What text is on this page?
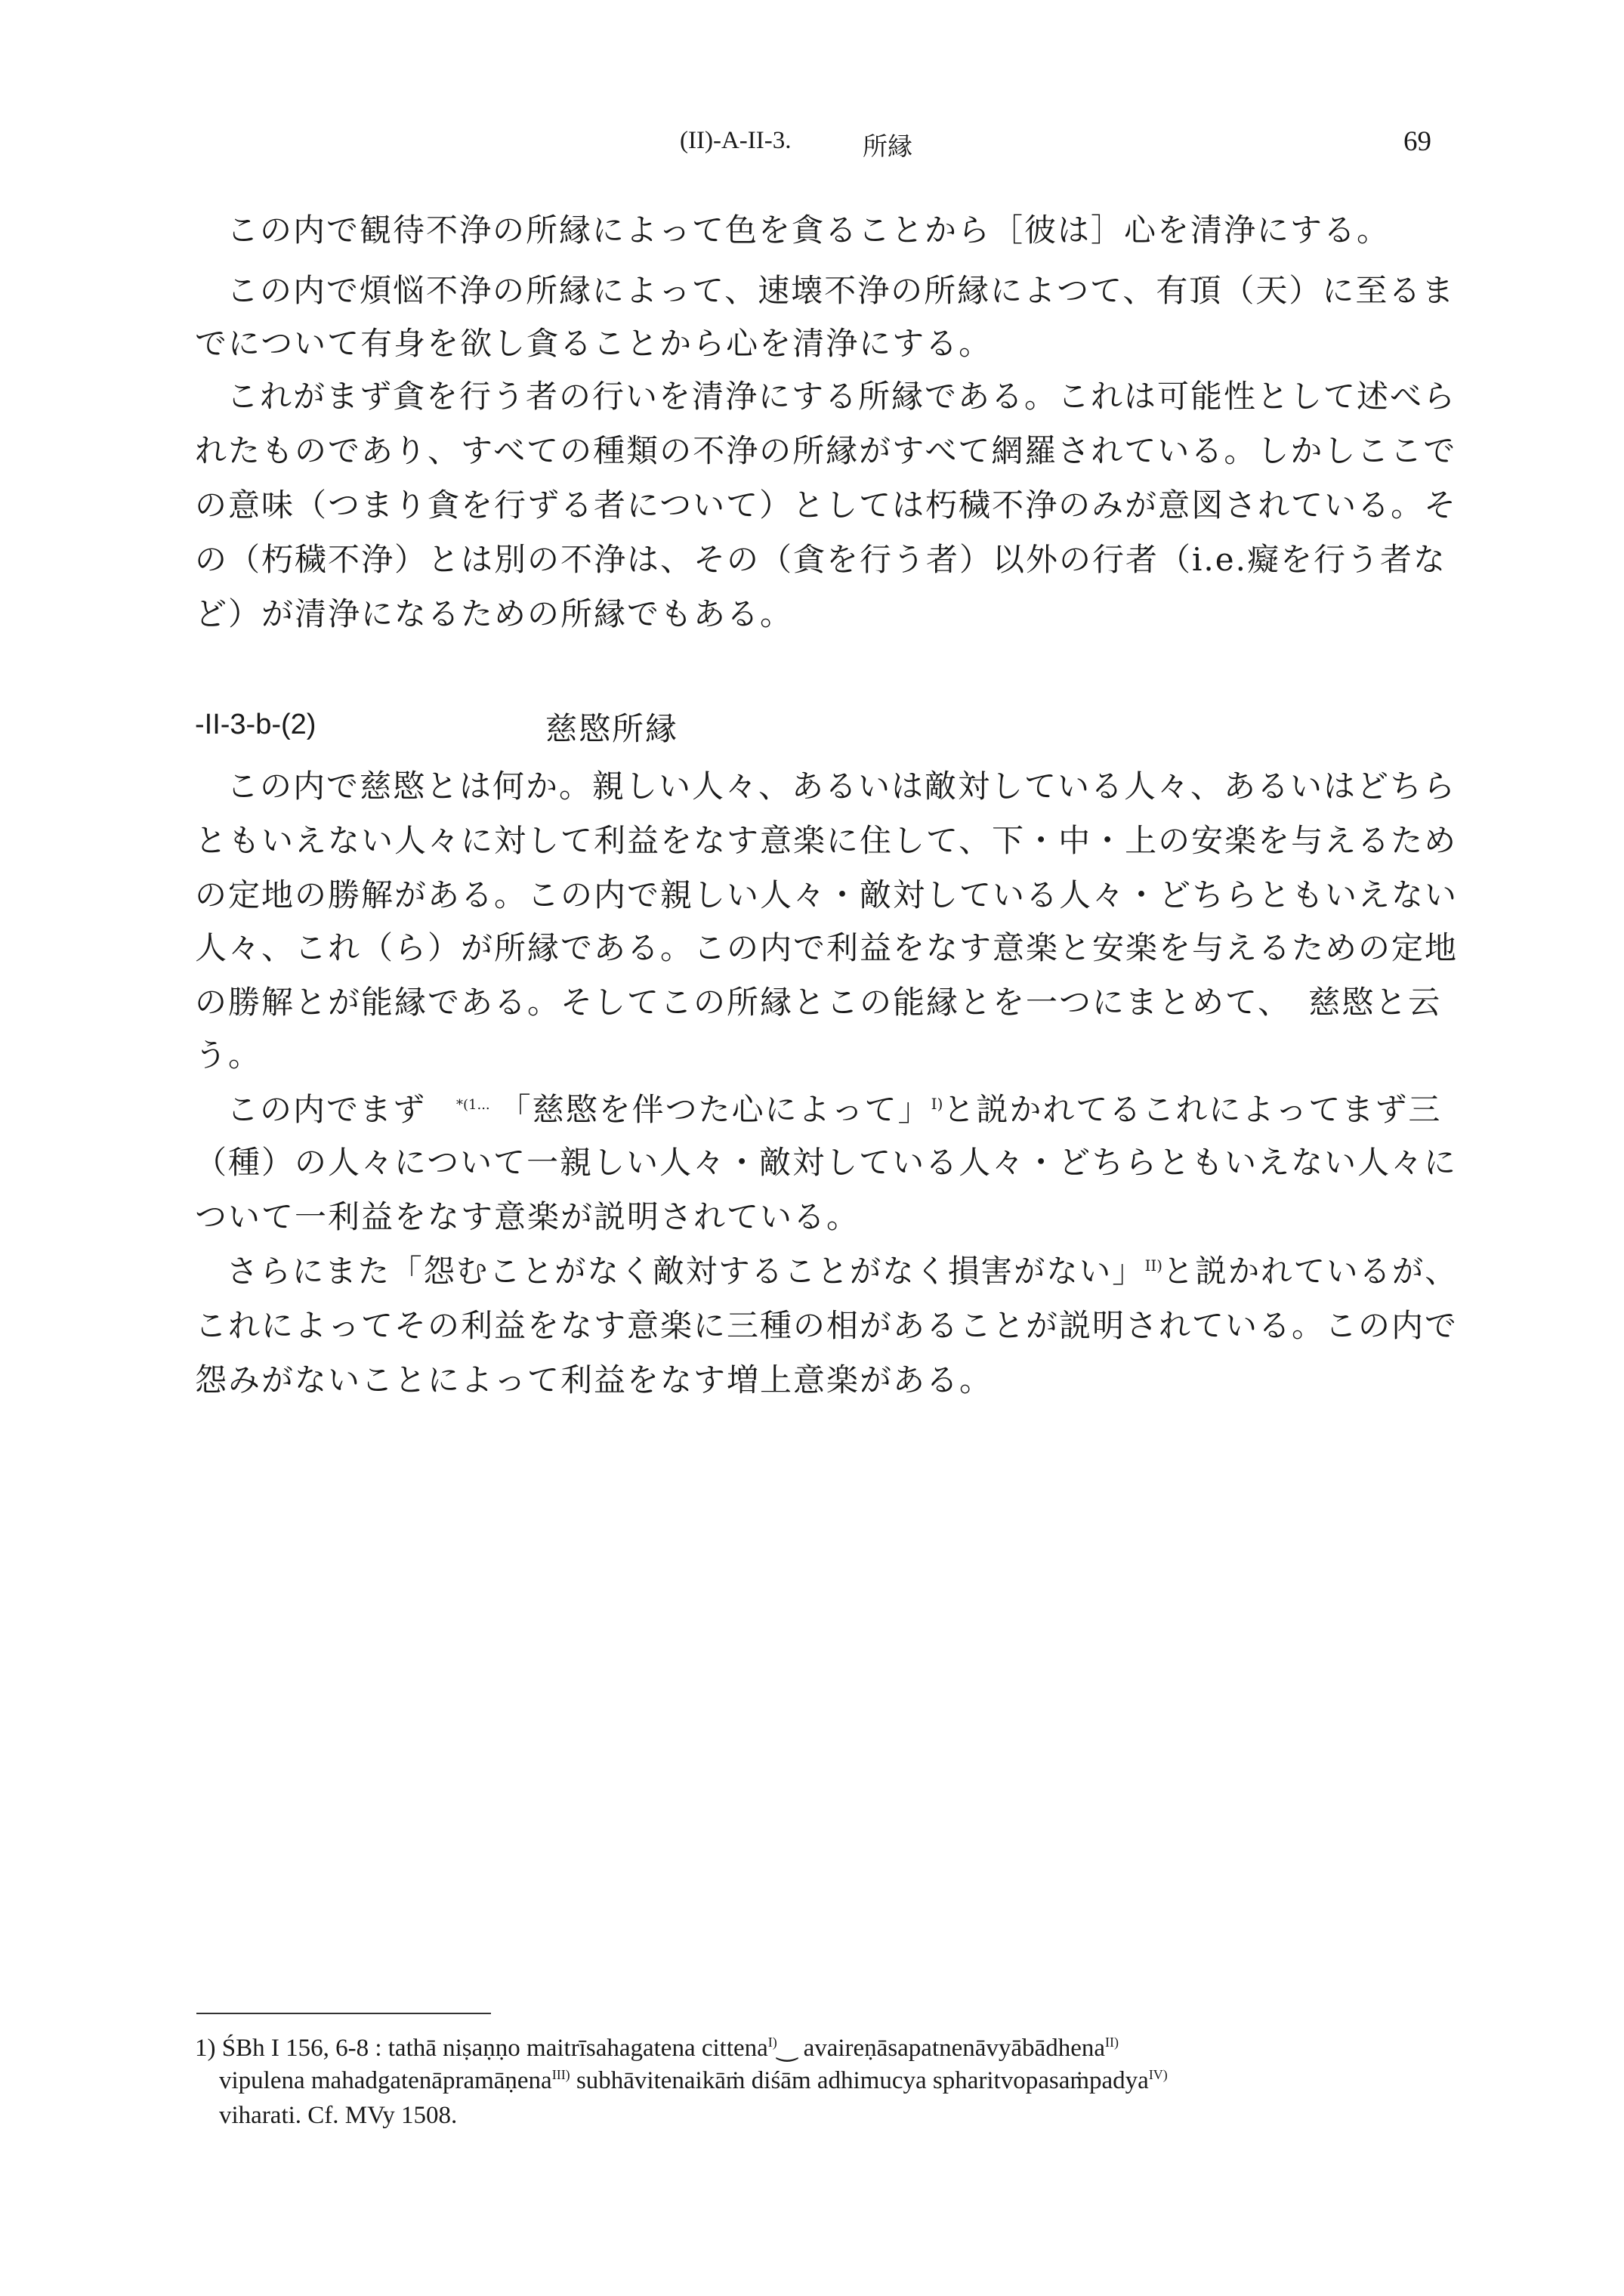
(II)-A-II-3.	所縁	69
この内で観待不浄の所縁によって色を貪ることから［彼は］心を清浄にする。
この内で煩悩不浄の所縁によって、速壊不浄の所縁によつて、有頂（天）に至るま
でについて有身を欲し貪ることから心を清浄にする。
これがまず貪を行う者の行いを清浄にする所縁である。これは可能性として述べら
れたものであり、すべての種類の不浄の所縁がすべて網羅されている。しかしここで
の意味（つまり貪を行ずる者について）としては朽穢不浄のみが意図されている。そ
の（朽穢不浄）とは別の不浄は、その（貪を行う者）以外の行者（i.e.癡を行う者な
ど）が清浄になるための所縁でもある。
-II-3-b-(2)	慈愍所縁
この内で慈愍とは何か。親しい人々、あるいは敵対している人々、あるいはどちら
ともいえない人々に対して利益をなす意楽に住して、下・中・上の安楽を与えるため
の定地の勝解がある。この内で親しい人々・敵対している人々・どちらともいえない
人々、これ（ら）が所縁である。この内で利益をなす意楽と安楽を与えるための定地
の勝解とが能縁である。そしてこの所縁とこの能縁とを一つにまとめて、　慈愍と云
う。
この内でまず $^{*(1...}$ 「慈愍を伴つた心によって」$^{I)}$と説かれてるこれによってまず三
（種）の人々について一親しい人々・敵対している人々・どちらともいえない人々に
ついて一利益をなす意楽が説明されている。
さらにまた「怨むことがなく敵対することがなく損害がない」$^{II)}$と説かれているが、
これによってその利益をなす意楽に三種の相があることが説明されている。この内で
怨みがないことによって利益をなす増上意楽がある。
1) ŚBh I 156, 6-8 : tathā niṣaṇṇo maitrīsahagatena cittena$^{I)}$‿ avaireṇāsapatnenāvyābādhena$^{II)}$
vipulena mahadgatenāpramāṇena$^{III)}$ subhāvitenaikāṁ diśām adhimucya spharitvopasaṁpadya$^{IV)}$
viharati. Cf. MVy 1508.
